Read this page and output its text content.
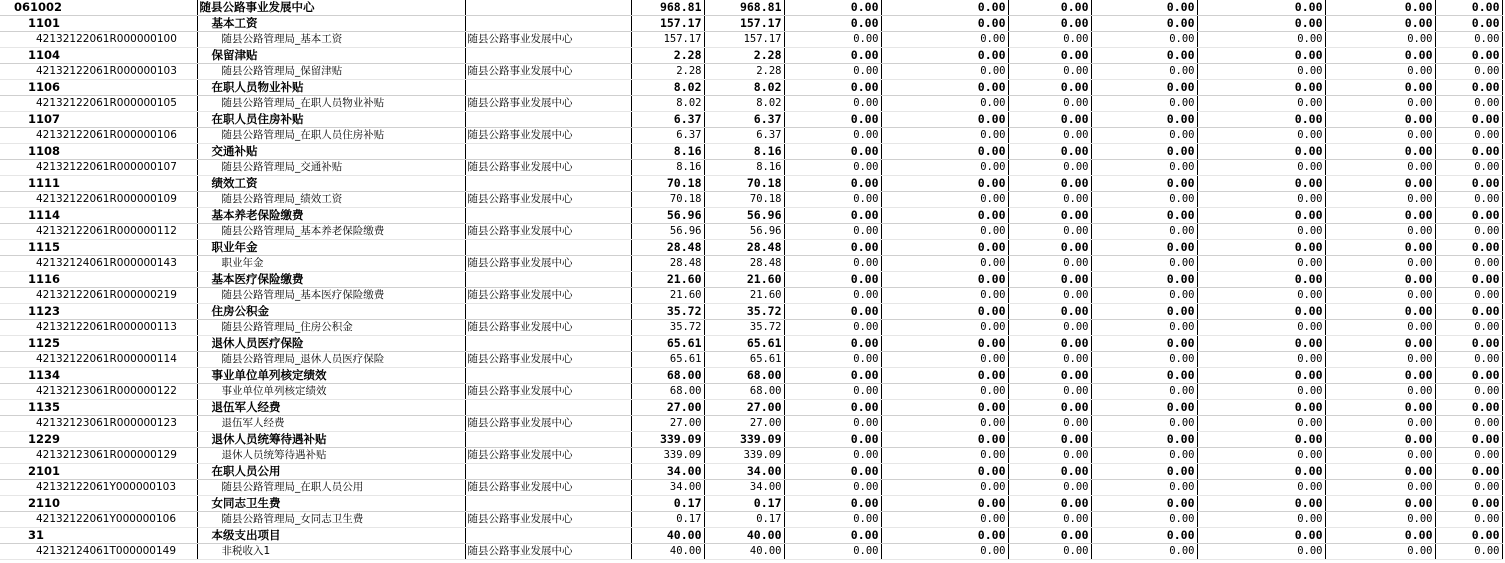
061002	随县公路事业发展中心		968.81	968.81	0.00	0.00	0.00	0.00	0.00	0.00	0.00
1101	基本工资		157.17	157.17	0.00	0.00	0.00	0.00	0.00	0.00	0.00
42132122061R000000100	随县公路管理局_基本工资	随县公路事业发展中心	157.17	157.17	0.00	0.00	0.00	0.00	0.00	0.00	0.00
1104	保留津贴		2.28	2.28	0.00	0.00	0.00	0.00	0.00	0.00	0.00
42132122061R000000103	随县公路管理局_保留津贴	随县公路事业发展中心	2.28	2.28	0.00	0.00	0.00	0.00	0.00	0.00	0.00
1106	在职人员物业补贴		8.02	8.02	0.00	0.00	0.00	0.00	0.00	0.00	0.00
42132122061R000000105	随县公路管理局_在职人员物业补贴	随县公路事业发展中心	8.02	8.02	0.00	0.00	0.00	0.00	0.00	0.00	0.00
1107	在职人员住房补贴		6.37	6.37	0.00	0.00	0.00	0.00	0.00	0.00	0.00
42132122061R000000106	随县公路管理局_在职人员住房补贴	随县公路事业发展中心	6.37	6.37	0.00	0.00	0.00	0.00	0.00	0.00	0.00
1108	交通补贴		8.16	8.16	0.00	0.00	0.00	0.00	0.00	0.00	0.00
42132122061R000000107	随县公路管理局_交通补贴	随县公路事业发展中心	8.16	8.16	0.00	0.00	0.00	0.00	0.00	0.00	0.00
1111	绩效工资		70.18	70.18	0.00	0.00	0.00	0.00	0.00	0.00	0.00
42132122061R000000109	随县公路管理局_绩效工资	随县公路事业发展中心	70.18	70.18	0.00	0.00	0.00	0.00	0.00	0.00	0.00
1114	基本养老保险缴费		56.96	56.96	0.00	0.00	0.00	0.00	0.00	0.00	0.00
42132122061R000000112	随县公路管理局_基本养老保险缴费	随县公路事业发展中心	56.96	56.96	0.00	0.00	0.00	0.00	0.00	0.00	0.00
1115	职业年金		28.48	28.48	0.00	0.00	0.00	0.00	0.00	0.00	0.00
42132124061R000000143	职业年金	随县公路事业发展中心	28.48	28.48	0.00	0.00	0.00	0.00	0.00	0.00	0.00
1116	基本医疗保险缴费		21.60	21.60	0.00	0.00	0.00	0.00	0.00	0.00	0.00
42132122061R000000219	随县公路管理局_基本医疗保险缴费	随县公路事业发展中心	21.60	21.60	0.00	0.00	0.00	0.00	0.00	0.00	0.00
1123	住房公积金		35.72	35.72	0.00	0.00	0.00	0.00	0.00	0.00	0.00
42132122061R000000113	随县公路管理局_住房公积金	随县公路事业发展中心	35.72	35.72	0.00	0.00	0.00	0.00	0.00	0.00	0.00
1125	退休人员医疗保险		65.61	65.61	0.00	0.00	0.00	0.00	0.00	0.00	0.00
42132122061R000000114	随县公路管理局_退休人员医疗保险	随县公路事业发展中心	65.61	65.61	0.00	0.00	0.00	0.00	0.00	0.00	0.00
1134	事业单位单列核定绩效		68.00	68.00	0.00	0.00	0.00	0.00	0.00	0.00	0.00
42132123061R000000122	事业单位单列核定绩效	随县公路事业发展中心	68.00	68.00	0.00	0.00	0.00	0.00	0.00	0.00	0.00
1135	退伍军人经费		27.00	27.00	0.00	0.00	0.00	0.00	0.00	0.00	0.00
42132123061R000000123	退伍军人经费	随县公路事业发展中心	27.00	27.00	0.00	0.00	0.00	0.00	0.00	0.00	0.00
1229	退休人员统筹待遇补贴		339.09	339.09	0.00	0.00	0.00	0.00	0.00	0.00	0.00
42132123061R000000129	退休人员统筹待遇补贴	随县公路事业发展中心	339.09	339.09	0.00	0.00	0.00	0.00	0.00	0.00	0.00
2101	在职人员公用		34.00	34.00	0.00	0.00	0.00	0.00	0.00	0.00	0.00
42132122061Y000000103	随县公路管理局_在职人员公用	随县公路事业发展中心	34.00	34.00	0.00	0.00	0.00	0.00	0.00	0.00	0.00
2110	女同志卫生费		0.17	0.17	0.00	0.00	0.00	0.00	0.00	0.00	0.00
42132122061Y000000106	随县公路管理局_女同志卫生费	随县公路事业发展中心	0.17	0.17	0.00	0.00	0.00	0.00	0.00	0.00	0.00
31	本级支出项目		40.00	40.00	0.00	0.00	0.00	0.00	0.00	0.00	0.00
42132124061T000000149	非税收入1	随县公路事业发展中心	40.00	40.00	0.00	0.00	0.00	0.00	0.00	0.00	0.00
